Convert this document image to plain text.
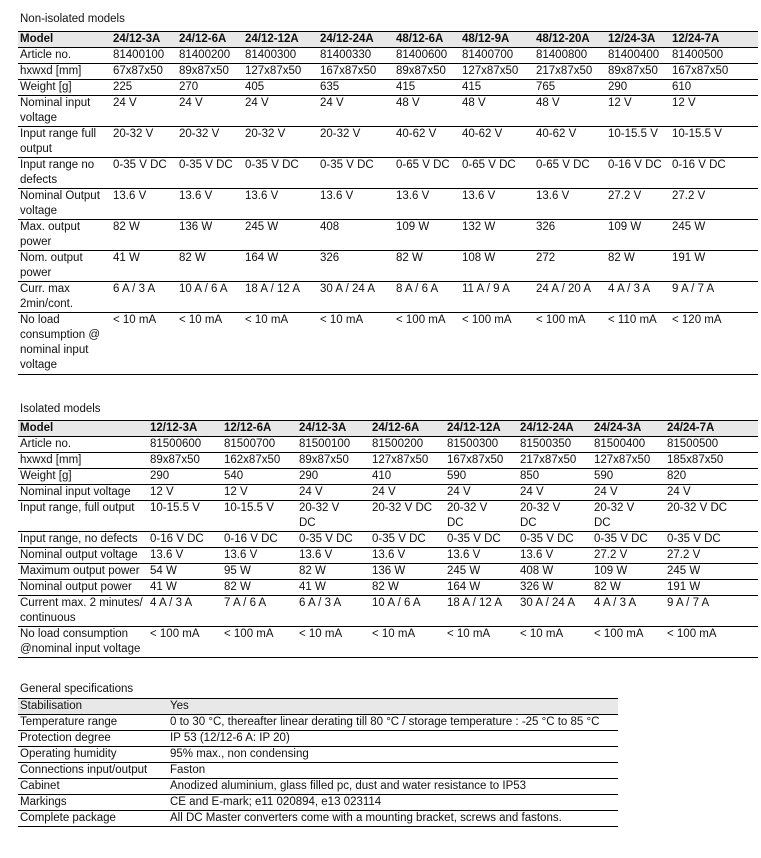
Non-isolated models
Model	24/12-3A	24/12-6A	24/12-12A	24/12-24A	48/12-6A	48/12-9A	48/12-20A	12/24-3A	12/24-7A
Article no.	81400100	81400200	81400300	81400330	81400600	81400700	81400800	81400400	81400500
hxwxd [mm]	67x87x50	89x87x50	127x87x50	167x87x50	89x87x50	127x87x50	217x87x50	89x87x50	167x87x50
Weight [g]	225	270	405	635	415	415	765	290	610
Nominal input voltage	24 V	24 V	24 V	24 V	48 V	48 V	48 V	12 V	12 V
Input range full output	20-32 V	20-32 V	20-32 V	20-32 V	40-62 V	40-62 V	40-62 V	10-15.5 V	10-15.5 V
Input range no defects	0-35 V DC	0-35 V DC	0-35 V DC	0-35 V DC	0-65 V DC	0-65 V DC	0-65 V DC	0-16 V DC	0-16 V DC
Nominal Output voltage	13.6 V	13.6 V	13.6 V	13.6 V	13.6 V	13.6 V	13.6 V	27.2 V	27.2 V
Max. output power	82 W	136 W	245 W	408	109 W	132 W	326	109 W	245 W
Nom. output power	41 W	82 W	164 W	326	82 W	108 W	272	82 W	191 W
Curr. max 2min/cont.	6 A / 3 A	10 A / 6 A	18 A / 12 A	30 A / 24 A	8 A / 6 A	11 A / 9 A	24 A / 20 A	4 A / 3 A	9 A / 7 A
No load consumption @ nominal input voltage	< 10 mA	< 10 mA	< 10 mA	< 10 mA	< 100 mA	< 100 mA	< 100 mA	< 110 mA	< 120 mA
Isolated models
Model	12/12-3A	12/12-6A	24/12-3A	24/12-6A	24/12-12A	24/12-24A	24/24-3A	24/24-7A
Article no.	81500600	81500700	81500100	81500200	81500300	81500350	81500400	81500500
hxwxd [mm]	89x87x50	162x87x50	89x87x50	127x87x50	167x87x50	217x87x50	127x87x50	185x87x50
Weight [g]	290	540	290	410	590	850	590	820
Nominal input voltage	12 V	12 V	24 V	24 V	24 V	24 V	24 V	24 V
Input range, full output	10-15.5 V	10-15.5 V	20-32 V DC	20-32 V DC	20-32 V DC	20-32 V DC	20-32 V DC	20-32 V DC
Input range, no defects	0-16 V DC	0-16 V DC	0-35 V DC	0-35 V DC	0-35 V DC	0-35 V DC	0-35 V DC	0-35 V DC
Nominal output voltage	13.6 V	13.6 V	13.6 V	13.6 V	13.6 V	13.6 V	27.2 V	27.2 V
Maximum output power	54 W	95 W	82 W	136 W	245 W	408 W	109 W	245 W
Nominal output power	41 W	82 W	41 W	82 W	164 W	326 W	82 W	191 W
Current max. 2 minutes/ continuous	4 A / 3 A	7 A / 6 A	6 A / 3 A	10 A / 6 A	18 A / 12 A	30 A / 24 A	4 A / 3 A	9 A / 7 A
No load consumption @nominal input voltage	< 100 mA	< 100 mA	< 10 mA	< 10 mA	< 10 mA	< 10 mA	< 100 mA	< 100 mA
General specifications
Stabilisation	Yes
Temperature range	0 to 30 °C, thereafter linear derating till 80 °C / storage temperature : -25 °C to 85 °C
Protection degree	IP 53 (12/12-6 A: IP 20)
Operating humidity	95% max., non condensing
Connections input/output	Faston
Cabinet	Anodized aluminium, glass filled pc, dust and water resistance to IP53
Markings	CE and E-mark; e11 020894, e13 023114
Complete package	All DC Master converters come with a mounting bracket, screws and fastons.
